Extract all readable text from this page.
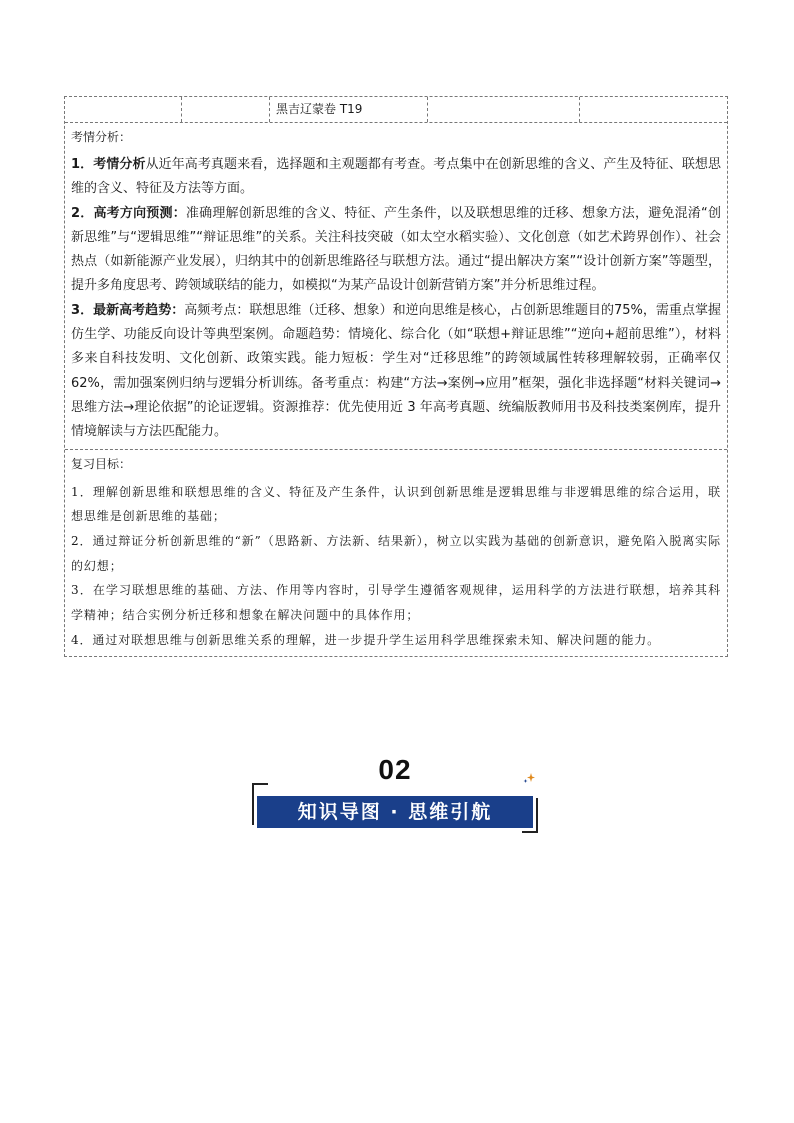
黑吉辽蒙卷 T19
考情分析：

1．考情分析从近年高考真题来看，选择题和主观题都有考查。考点集中在创新思维的含义、产生及特征、联想思维的含义、特征及方法等方面。

2．高考方向预测：准确理解创新思维的含义、特征、产生条件，以及联想思维的迁移、想象方法，避免混淆“创新思维”与“逻辑思维”“辩证思维”的关系。关注科技突破（如太空水稻实验）、文化创意（如艺术跨界创作）、社会热点（如新能源产业发展），归纳其中的创新思维路径与联想方法。通过“提出解决方案”“设计创新方案”等题型，提升多角度思考、跨领域联结的能力，如模拟“为某产品设计创新营销方案”并分析思维过程。

3．最新高考趋势：高频考点：联想思维（迁移、想象）和逆向思维是核心，占创新思维题目的75%，需重点掌握仿生学、功能反向设计等典型案例。命题趋势：情境化、综合化（如“联想+辩证思维”“逆向+超前思维”），材料多来自科技发明、文化创新、政策实践。能力短板：学生对“迁移思维”的跨领域属性转移理解较弱，正确率仅 62%，需加强案例归纳与逻辑分析训练。备考重点：构建“方法→案例→应用”框架，强化非选择题“材料关键词→思维方法→理论依据”的论证逻辑。资源推荐：优先使用近 3 年高考真题、统编版教师用书及科技类案例库，提升情境解读与方法匹配能力。

复习目标：

1．理解创新思维和联想思维的含义、特征及产生条件，认识到创新思维是逻辑思维与非逻辑思维的综合运用，联想思维是创新思维的基础；

2．通过辩证分析创新思维的“新”（思路新、方法新、结果新），树立以实践为基础的创新意识，避免陷入脱离实际的幻想；

3．在学习联想思维的基础、方法、作用等内容时，引导学生遵循客观规律，运用科学的方法进行联想，培养其科学精神；结合实例分析迁移和想象在解决问题中的具体作用；

4．通过对联想思维与创新思维关系的理解，进一步提升学生运用科学思维探索未知、解决问题的能力。

02
知识导图 · 思维引航
